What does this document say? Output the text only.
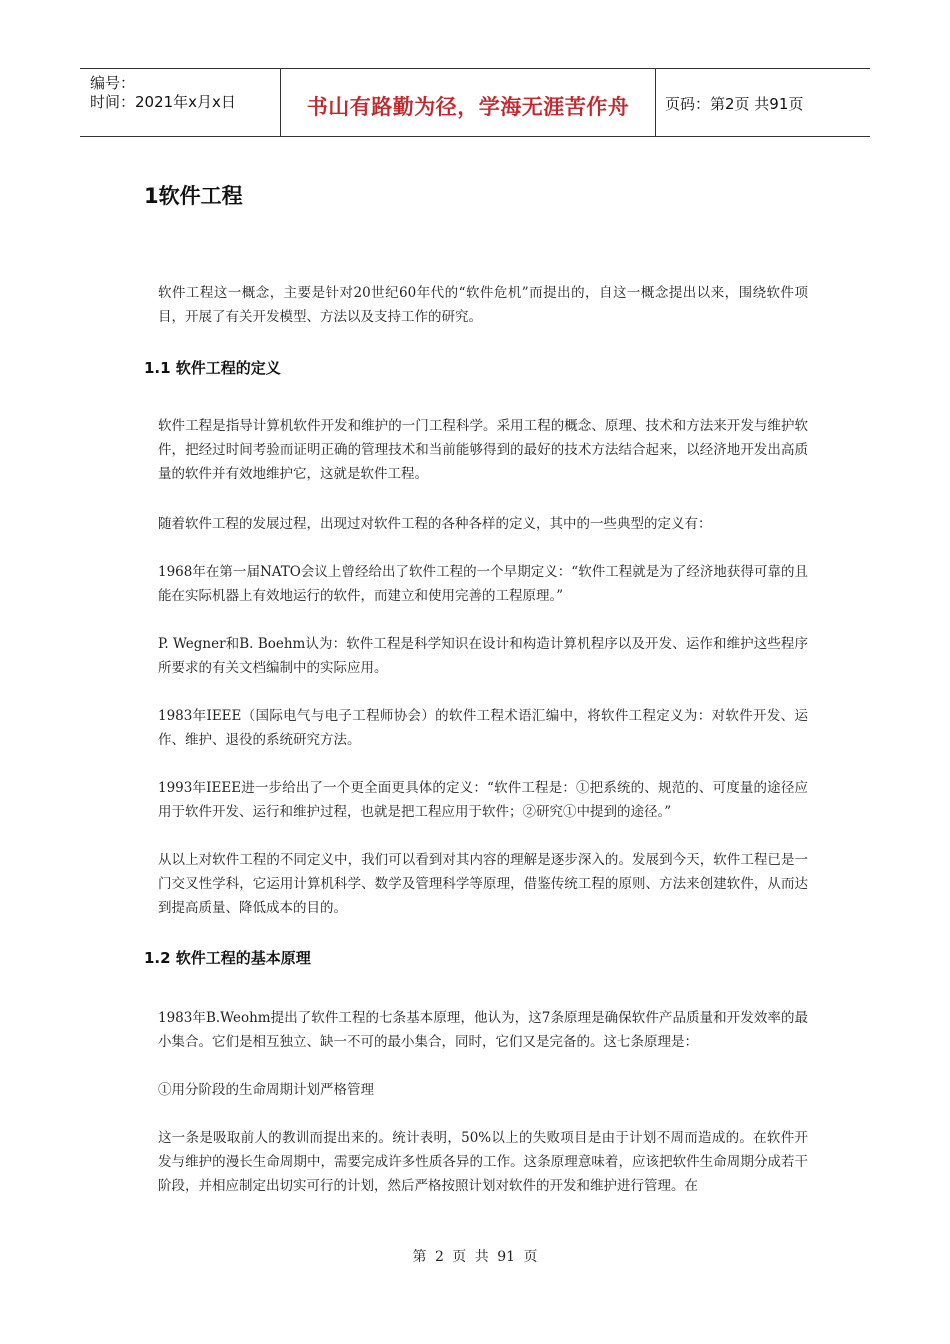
编号：
时间：2021年x月x日	书山有路勤为径，学海无涯苦作舟	页码：第2页 共91页
1软件工程
软件工程这一概念，主要是针对20世纪60年代的“软件危机”而提出的，自这一概念提出以来，围绕软件项目，开展了有关开发模型、方法以及支持工作的研究。
1.1 软件工程的定义
软件工程是指导计算机软件开发和维护的一门工程科学。采用工程的概念、原理、技术和方法来开发与维护软件，把经过时间考验而证明正确的管理技术和当前能够得到的最好的技术方法结合起来，以经济地开发出高质量的软件并有效地维护它，这就是软件工程。
随着软件工程的发展过程，出现过对软件工程的各种各样的定义，其中的一些典型的定义有：
1968年在第一届NATO会议上曾经给出了软件工程的一个早期定义：“软件工程就是为了经济地获得可靠的且能在实际机器上有效地运行的软件，而建立和使用完善的工程原理。”
P. Wegner和B. Boehm认为：软件工程是科学知识在设计和构造计算机程序以及开发、运作和维护这些程序所要求的有关文档编制中的实际应用。
1983年IEEE（国际电气与电子工程师协会）的软件工程术语汇编中，将软件工程定义为：对软件开发、运作、维护、退役的系统研究方法。
1993年IEEE进一步给出了一个更全面更具体的定义：“软件工程是：①把系统的、规范的、可度量的途径应用于软件开发、运行和维护过程，也就是把工程应用于软件；②研究①中提到的途径。”
从以上对软件工程的不同定义中，我们可以看到对其内容的理解是逐步深入的。发展到今天，软件工程已是一门交叉性学科，它运用计算机科学、数学及管理科学等原理，借鉴传统工程的原则、方法来创建软件，从而达到提高质量、降低成本的目的。
1.2 软件工程的基本原理
1983年B.Weohm提出了软件工程的七条基本原理，他认为，这7条原理是确保软件产品质量和开发效率的最小集合。它们是相互独立、缺一不可的最小集合，同时，它们又是完备的。这七条原理是：
①用分阶段的生命周期计划严格管理
这一条是吸取前人的教训而提出来的。统计表明，50%以上的失败项目是由于计划不周而造成的。在软件开发与维护的漫长生命周期中，需要完成许多性质各异的工作。这条原理意味着，应该把软件生命周期分成若干阶段，并相应制定出切实可行的计划，然后严格按照计划对软件的开发和维护进行管理。在
第 2 页 共 91 页
